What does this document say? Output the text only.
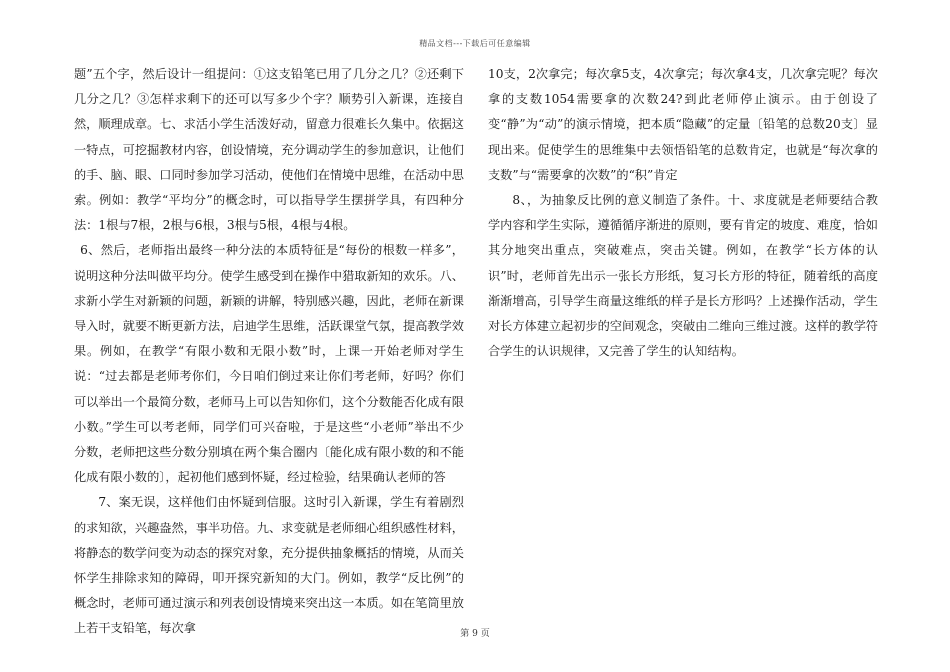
精品文档---下载后可任意编辑

题”五个字，然后设计一组提问：①这支铅笔已用了几分之几？②还剩下几分之几？③怎样求剩下的还可以写多少个字？顺势引入新课，连接自然，顺理成章。七、求活小学生活泼好动，留意力很难长久集中。依据这一特点，可挖掘教材内容，创设情境，充分调动学生的参加意识，让他们的手、脑、眼、口同时参加学习活动，使他们在情境中思维，在活动中思索。例如：教学“平均分”的概念时，可以指导学生摆拼学具，有四种分法：1根与7根，2根与6根，3根与5根，4根与4根。

6、然后，老师指出最终一种分法的本质特征是“每份的根数一样多”，说明这种分法叫做平均分。使学生感受到在操作中猎取新知的欢乐。八、求新小学生对新颖的问题，新颖的讲解，特别感兴趣，因此，老师在新课导入时，就要不断更新方法，启迪学生思维，活跃课堂气氛，提高教学效果。例如，在教学“有限小数和无限小数”时，上课一开始老师对学生说：“过去都是老师考你们，今日咱们倒过来让你们考老师，好吗？你们可以举出一个最简分数，老师马上可以告知你们，这个分数能否化成有限小数。”学生可以考老师，同学们可兴奋啦，于是这些“小老师”举出不少分数，老师把这些分数分别填在两个集合圈内〔能化成有限小数的和不能化成有限小数的〕，起初他们感到怀疑，经过检验，结果确认老师的答

7、案无误，这样他们由怀疑到信服。这时引入新课，学生有着剧烈的求知欲，兴趣盎然，事半功倍。九、求变就是老师细心组织感性材料，将静态的数学问变为动态的探究对象，充分提供抽象概括的情境，从而关怀学生排除求知的障碍，叩开探究新知的大门。例如，教学“反比例”的概念时，老师可通过演示和列表创设情境来突出这一本质。如在笔筒里放上若干支铅笔，每次拿

10支，2次拿完；每次拿5支，4次拿完；每次拿4支，几次拿完呢？每次拿的支数1054需要拿的次数24?到此老师停止演示。由于创设了变“静”为“动”的演示情境，把本质“隐藏”的定量〔铅笔的总数20支〕显现出来。促使学生的思维集中去领悟铅笔的总数肯定，也就是“每次拿的支数”与“需要拿的次数”的“积”肯定

8、，为抽象反比例的意义制造了条件。十、求度就是老师要结合教学内容和学生实际，遵循循序渐进的原则，要有肯定的坡度、难度，恰如其分地突出重点，突破难点，突击关键。例如，在教学“长方体的认识”时，老师首先出示一张长方形纸，复习长方形的特征，随着纸的高度渐渐增高，引导学生商量这维纸的样子是长方形吗？上述操作活动，学生对长方体建立起初步的空间观念，突破由二维向三维过渡。这样的教学符合学生的认识规律，又完善了学生的认知结构。

第 9 页
